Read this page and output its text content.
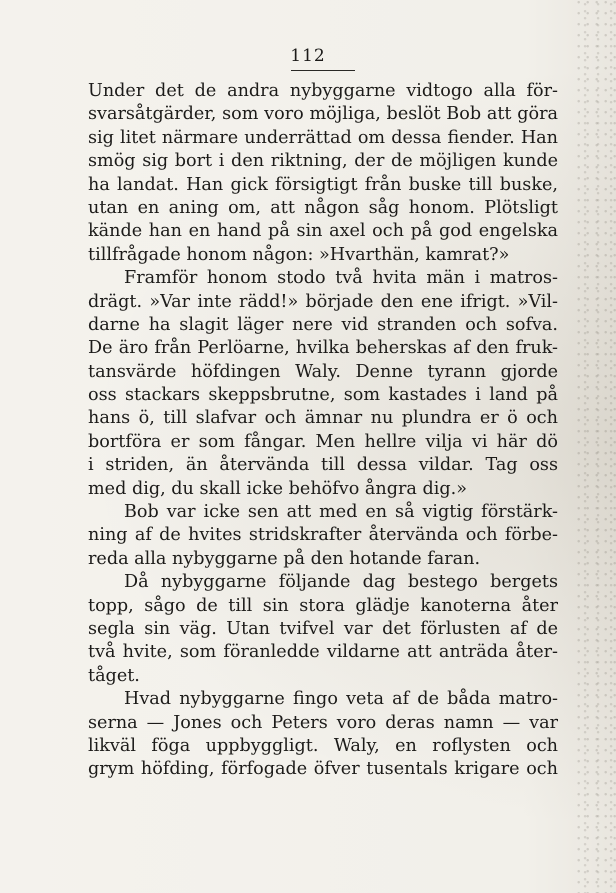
112
Under det de andra nybyggarne vidtogo alla för-
svarsåtgärder, som voro möjliga, beslöt Bob att göra
sig litet närmare underrättad om dessa fiender. Han
smög sig bort i den riktning, der de möjligen kunde
ha landat. Han gick försigtigt från buske till buske,
utan en aning om, att någon såg honom. Plötsligt
kände han en hand på sin axel och på god engelska
tillfrågade honom någon: »Hvarthän, kamrat?»
Framför honom stodo två hvita män i matros-
drägt. »Var inte rädd!» började den ene ifrigt. »Vil-
darne ha slagit läger nere vid stranden och sofva.
De äro från Perlöarne, hvilka beherskas af den fruk-
tansvärde höfdingen Waly. Denne tyrann gjorde
oss stackars skeppsbrutne, som kastades i land på
hans ö, till slafvar och ämnar nu plundra er ö och
bortföra er som fångar. Men hellre vilja vi här dö
i striden, än återvända till dessa vildar. Tag oss
med dig, du skall icke behöfvo ångra dig.»
Bob var icke sen att med en så vigtig förstärk-
ning af de hvites stridskrafter återvända och förbe-
reda alla nybyggarne på den hotande faran.
Då nybyggarne följande dag bestego bergets
topp, sågo de till sin stora glädje kanoterna åter
segla sin väg. Utan tvifvel var det förlusten af de
två hvite, som föranledde vildarne att anträda åter-
tåget.
Hvad nybyggarne fingo veta af de båda matro-
serna — Jones och Peters voro deras namn — var
likväl föga uppbyggligt. Waly, en roflysten och
grym höfding, förfogade öfver tusentals krigare och
